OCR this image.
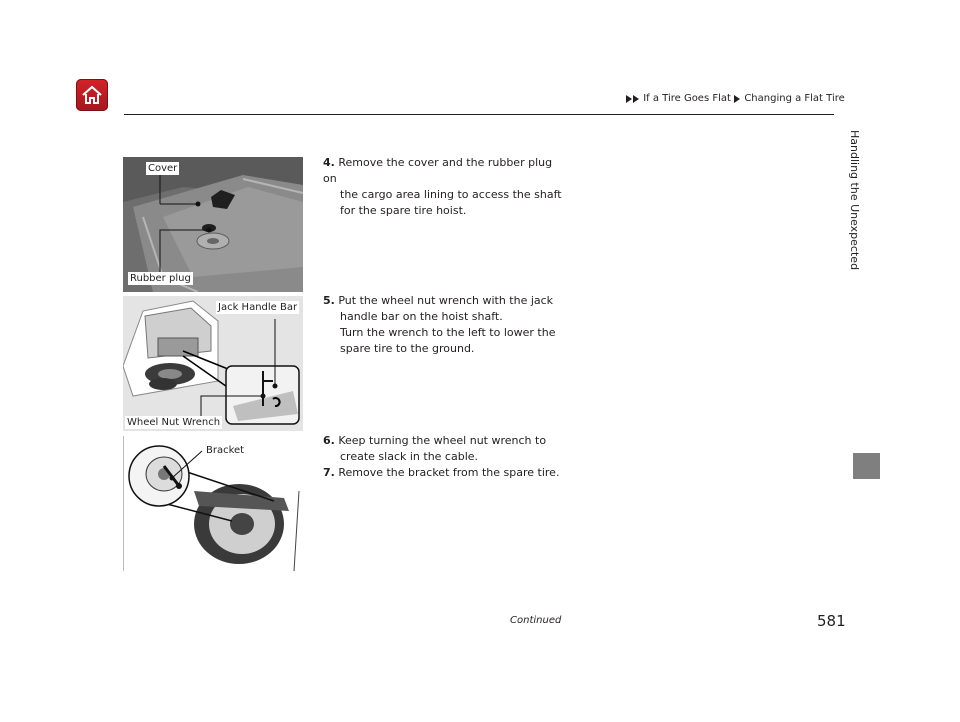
If a Tire Goes Flat Changing a Flat Tire
Handling the Unexpected
Cover
Rubber plug
Jack Handle Bar
Wheel Nut Wrench
Bracket
4. Remove the cover and the rubber plug on
the cargo area lining to access the shaft
for the spare tire hoist.
5. Put the wheel nut wrench with the jack
handle bar on the hoist shaft.
Turn the wrench to the left to lower the
spare tire to the ground.
6. Keep turning the wheel nut wrench to
create slack in the cable.
7. Remove the bracket from the spare tire.
Continued	581
